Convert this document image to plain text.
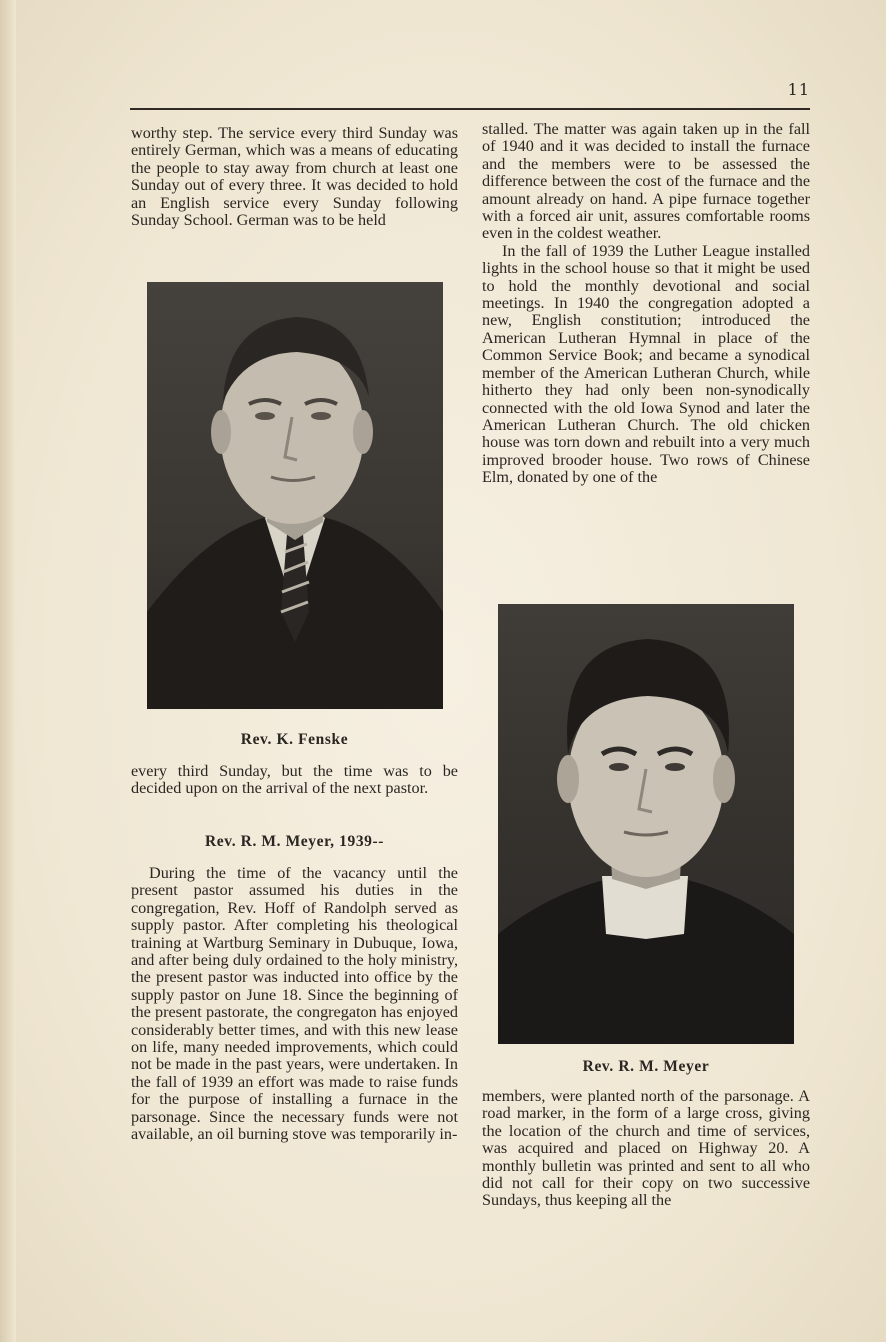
11

worthy step. The service every third Sunday was entirely German, which was a means of educating the people to stay away from church at least one Sunday out of every three. It was decided to hold an English service every Sunday following Sunday School. German was to be held

Rev. K. Fenske

every third Sunday, but the time was to be decided upon on the arrival of the next pastor.

Rev. R. M. Meyer, 1939--

During the time of the vacancy until the present pastor assumed his duties in the congregation, Rev. Hoff of Randolph served as supply pastor. After completing his theological training at Wartburg Seminary in Dubuque, Iowa, and after being duly ordained to the holy ministry, the present pastor was inducted into office by the supply pastor on June 18. Since the beginning of the present pastorate, the congregaton has enjoyed considerably better times, and with this new lease on life, many needed improvements, which could not be made in the past years, were undertaken. In the fall of 1939 an effort was made to raise funds for the purpose of installing a furnace in the parsonage. Since the necessary funds were not available, an oil burning stove was temporarily in-

stalled. The matter was again taken up in the fall of 1940 and it was decided to install the furnace and the members were to be assessed the difference between the cost of the furnace and the amount already on hand. A pipe furnace together with a forced air unit, assures comfortable rooms even in the coldest weather.
In the fall of 1939 the Luther League installed lights in the school house so that it might be used to hold the monthly devotional and social meetings. In 1940 the congregation adopted a new, English constitution; introduced the American Lutheran Hymnal in place of the Common Service Book; and became a synodical member of the American Lutheran Church, while hitherto they had only been non-synodically connected with the old Iowa Synod and later the American Lutheran Church. The old chicken house was torn down and rebuilt into a very much improved brooder house. Two rows of Chinese Elm, donated by one of the
Rev. R. M. Meyer

members, were planted north of the parsonage. A road marker, in the form of a large cross, giving the location of the church and time of services, was acquired and placed on Highway 20. A monthly bulletin was printed and sent to all who did not call for their copy on two successive Sundays, thus keeping all the
